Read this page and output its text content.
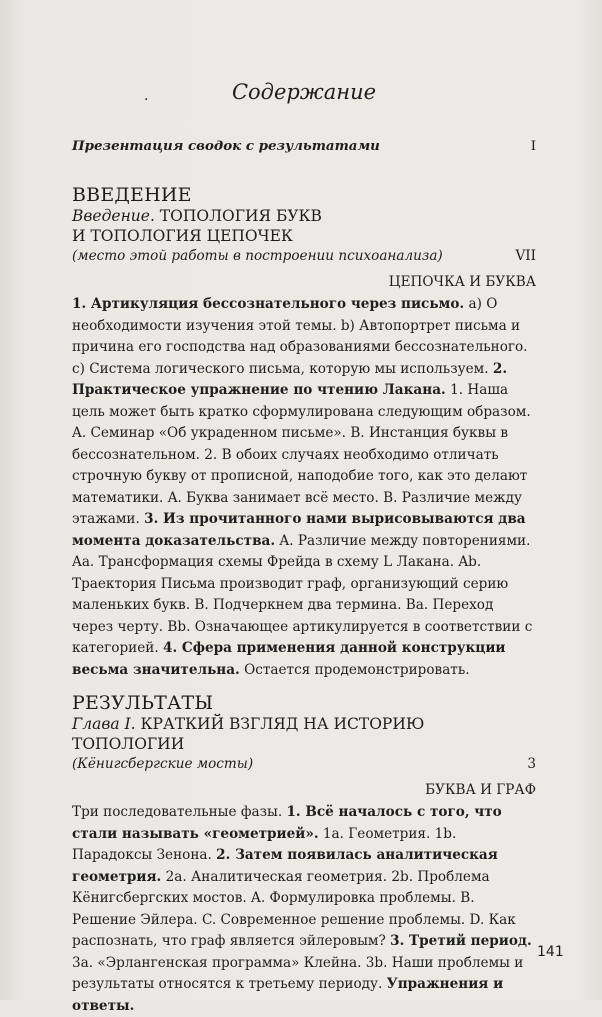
.	Содержание
Презентация сводок с результатами	I
ВВЕДЕНИЕ
Введение. ТОПОЛОГИЯ БУКВ
И ТОПОЛОГИЯ ЦЕПОЧЕК
(место этой работы в построении психоанализа)	VII
ЦЕПОЧКА И БУКВА
1. Артикуляция бессознательного через письмо. a) О необходимости изучения этой темы. b) Автопортрет письма и причина его господства над образованиями бессознательного. c) Система логического письма, которую мы используем. 2. Практическое упражнение по чтению Лакана. 1. Наша цель может быть кратко сформулирована следующим образом. A. Семинар «Об украденном письме». B. Инстанция буквы в бессознательном. 2. В обоих случаях необходимо отличать строчную букву от прописной, наподобие того, как это делают математики. A. Буква занимает всё место. B. Различие между этажами. 3. Из прочитанного нами вырисовываются два момента доказательства. A. Различие между повторениями. Aa. Трансформация схемы Фрейда в схему L Лакана. Ab. Траектория Письма производит граф, организующий серию маленьких букв. B. Подчеркнем два термина. Ba. Переход через черту. Bb. Означающее артикулируется в соответствии с категорией. 4. Сфера применения данной конструкции весьма значительна. Остается продемонстрировать.
РЕЗУЛЬТАТЫ
Глава I. КРАТКИЙ ВЗГЛЯД НА ИСТОРИЮ
ТОПОЛОГИИ
(Кёнигсбергские мосты)	3
БУКВА И ГРАФ
Три последовательные фазы. 1. Всё началось с того, что стали называть «геометрией». 1a. Геометрия. 1b. Парадоксы Зенона. 2. Затем появилась аналитическая геометрия. 2a. Аналитическая геометрия. 2b. Проблема Кёнигсбергских мостов. A. Формулировка проблемы. B. Решение Эйлера. C. Современное решение проблемы. D. Как распознать, что граф является эйлеровым? 3. Третий период. 3a. «Эрлангенская программа» Клейна. 3b. Наши проблемы и результаты относятся к третьему периоду. Упражнения и ответы.
141
